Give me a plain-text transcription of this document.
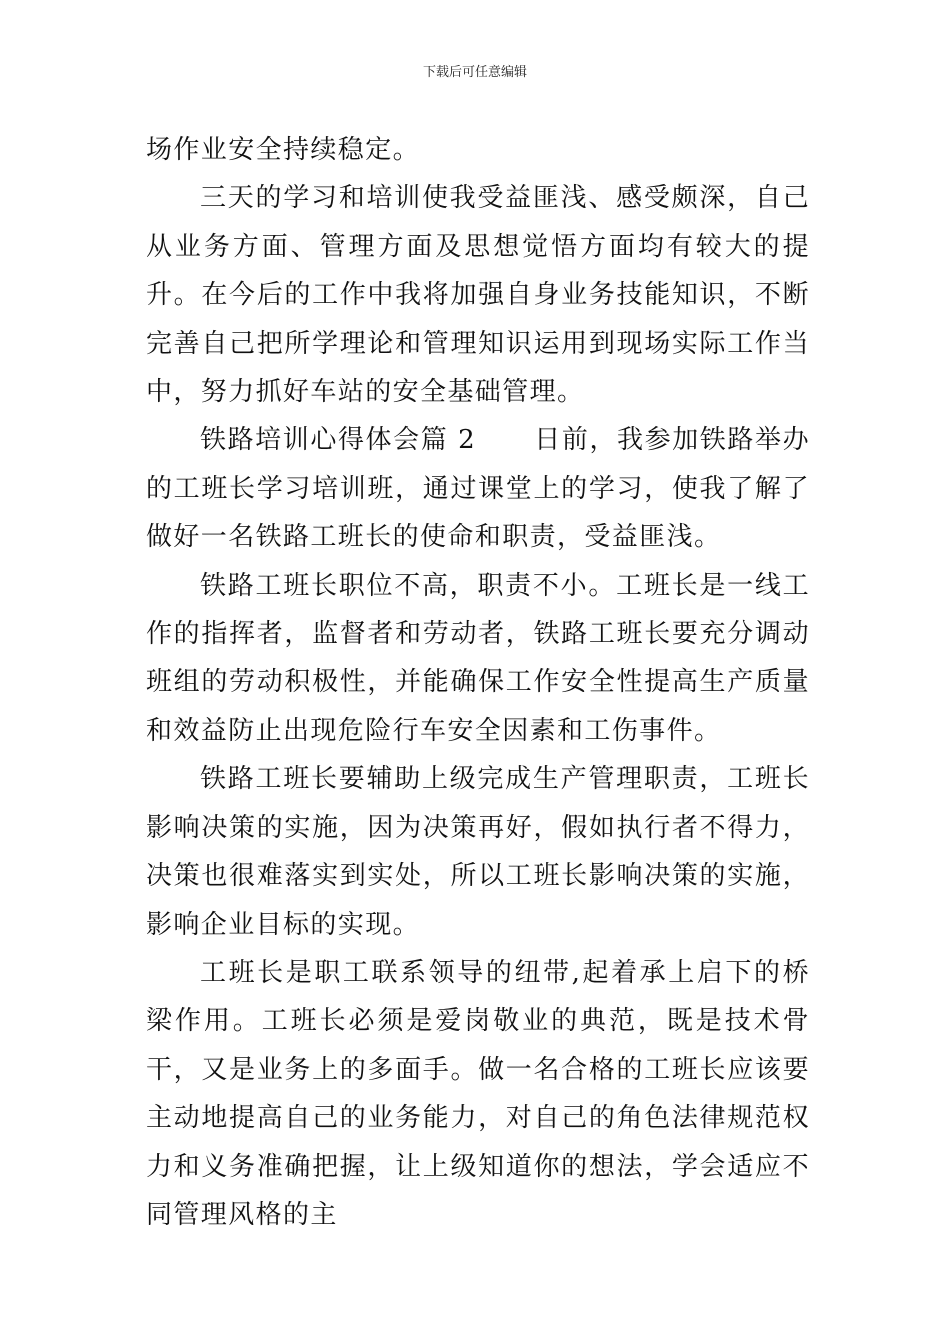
下载后可任意编辑

场作业安全持续稳定。

三天的学习和培训使我受益匪浅、感受颇深，自己从业务方面、管理方面及思想觉悟方面均有较大的提升。在今后的工作中我将加强自身业务技能知识，不断完善自己把所学理论和管理知识运用到现场实际工作当中，努力抓好车站的安全基础管理。

铁路培训心得体会篇 2 日前，我参加铁路举办的工班长学习培训班，通过课堂上的学习，使我了解了做好一名铁路工班长的使命和职责，受益匪浅。

铁路工班长职位不高，职责不小。工班长是一线工作的指挥者，监督者和劳动者，铁路工班长要充分调动班组的劳动积极性，并能确保工作安全性提高生产质量和效益防止出现危险行车安全因素和工伤事件。

铁路工班长要辅助上级完成生产管理职责，工班长影响决策的实施，因为决策再好，假如执行者不得力，决策也很难落实到实处，所以工班长影响决策的实施，影响企业目标的实现。

工班长是职工联系领导的纽带,起着承上启下的桥梁作用。工班长必须是爱岗敬业的典范，既是技术骨干，又是业务上的多面手。做一名合格的工班长应该要主动地提高自己的业务能力，对自己的角色法律规范权力和义务准确把握，让上级知道你的想法，学会适应不同管理风格的主
